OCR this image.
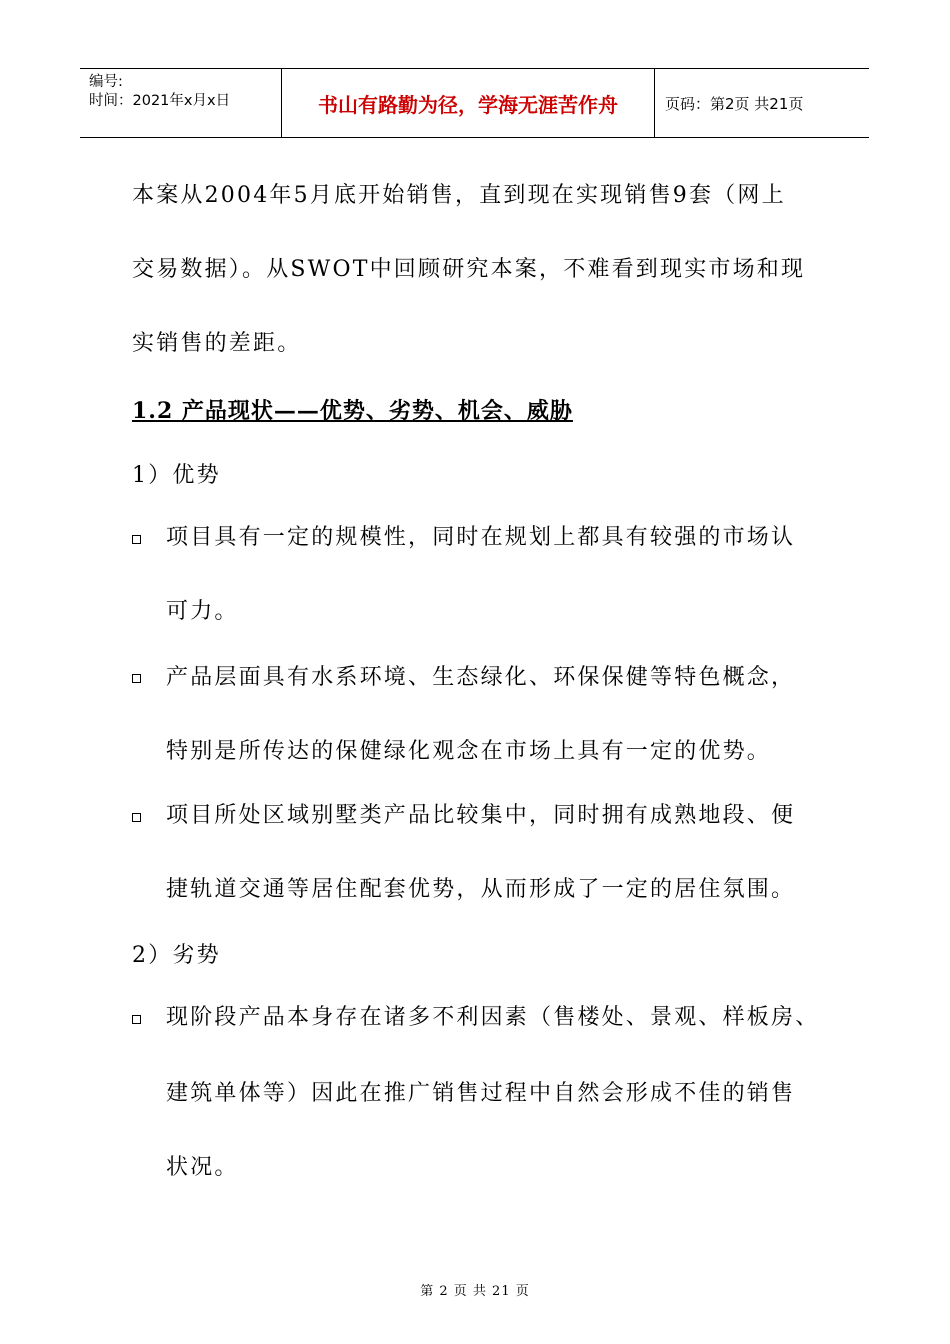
编号:
时间：2021年x月x日	书山有路勤为径，学海无涯苦作舟	页码：第2页 共21页
本案从2004年5月底开始销售，直到现在实现销售9套（网上
交易数据）。从SWOT中回顾研究本案，不难看到现实市场和现
实销售的差距。
1.2 产品现状——优势、劣势、机会、威胁
1）优势
项目具有一定的规模性，同时在规划上都具有较强的市场认
可力。
产品层面具有水系环境、生态绿化、环保保健等特色概念，
特别是所传达的保健绿化观念在市场上具有一定的优势。
项目所处区域别墅类产品比较集中，同时拥有成熟地段、便
捷轨道交通等居住配套优势，从而形成了一定的居住氛围。
2）劣势
现阶段产品本身存在诸多不利因素（售楼处、景观、样板房、
建筑单体等）因此在推广销售过程中自然会形成不佳的销售
状况。
第 2 页 共 21 页
